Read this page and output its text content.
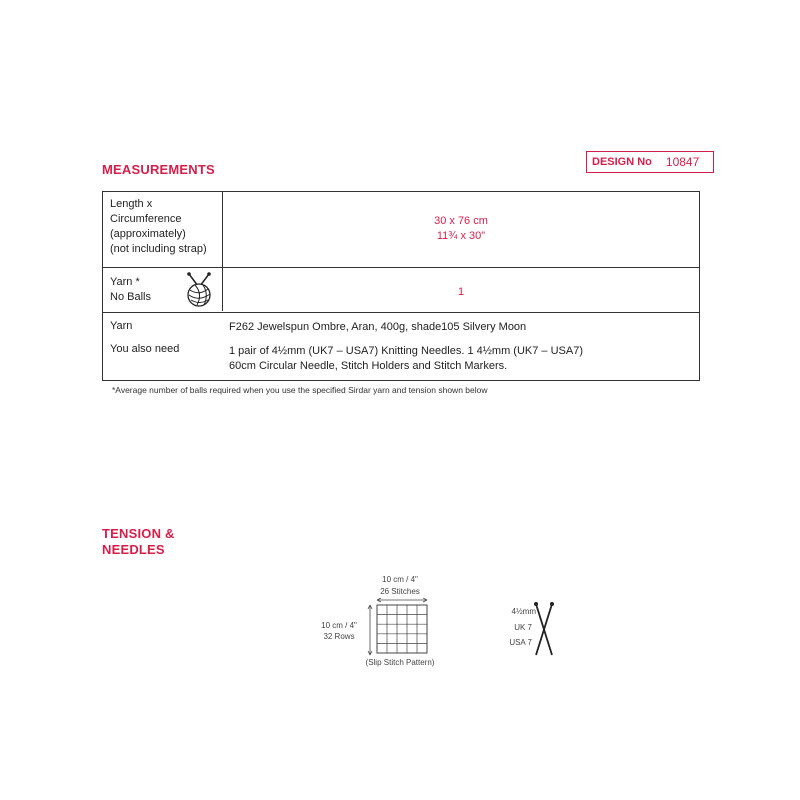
MEASUREMENTS	DESIGN No 10847
Length x
Circumference
(approximately)
(not including strap)
30 x 76 cm
11¾ x 30"
Yarn *
No Balls	1
Yarn
You also need
F262 Jewelspun Ombre, Aran, 400g, shade105 Silvery Moon
1 pair of 4½mm (UK7 – USA7) Knitting Needles. 1 4½mm (UK7 – USA7)
60cm Circular Needle, Stitch Holders and Stitch Markers.
*Average number of balls required when you use the specified Sirdar yarn and tension shown below
TENSION &
NEEDLES
10 cm / 4"
26 Stitches
10 cm / 4"
32 Rows
(Slip Stitch Pattern)
4½mm
UK 7
USA 7
